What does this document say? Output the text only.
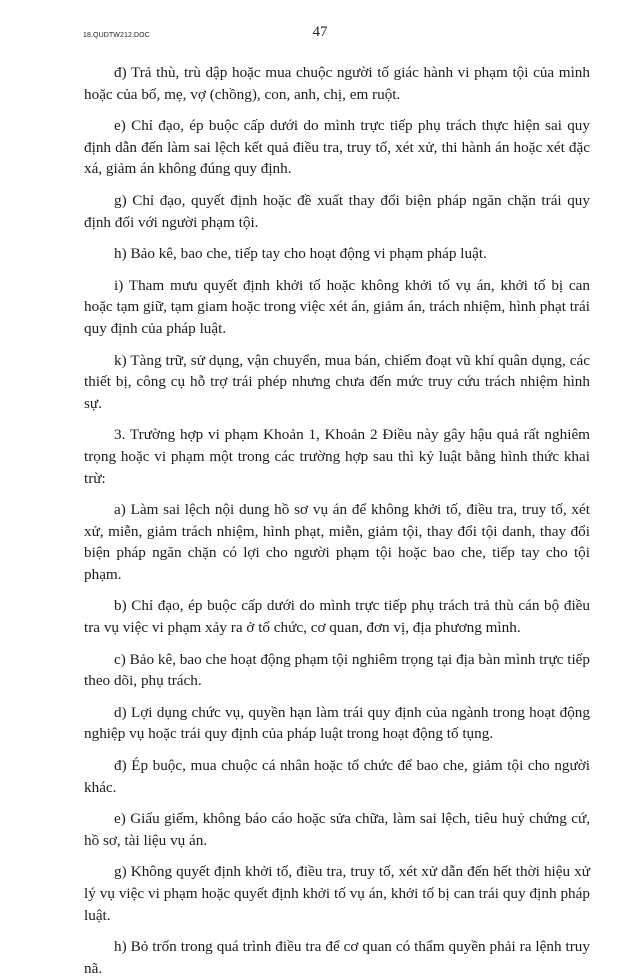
18.QUDTW212.DOC	47

đ) Trả thù, trù dập hoặc mua chuộc người tố giác hành vi phạm tội của mình hoặc của bố, mẹ, vợ (chồng), con, anh, chị, em ruột.

e) Chỉ đạo, ép buộc cấp dưới do mình trực tiếp phụ trách thực hiện sai quy định dẫn đến làm sai lệch kết quả điều tra, truy tố, xét xử, thi hành án hoặc xét đặc xá, giảm án không đúng quy định.

g) Chỉ đạo, quyết định hoặc đề xuất thay đổi biện pháp ngăn chặn trái quy định đối với người phạm tội.

h) Bảo kê, bao che, tiếp tay cho hoạt động vi phạm pháp luật.

i) Tham mưu quyết định khởi tố hoặc không khởi tố vụ án, khởi tố bị can hoặc tạm giữ, tạm giam hoặc trong việc xét án, giảm án, trách nhiệm, hình phạt trái quy định của pháp luật.

k) Tàng trữ, sử dụng, vận chuyển, mua bán, chiếm đoạt vũ khí quân dụng, các thiết bị, công cụ hỗ trợ trái phép nhưng chưa đến mức truy cứu trách nhiệm hình sự.

3. Trường hợp vi phạm Khoản 1, Khoản 2 Điều này gây hậu quả rất nghiêm trọng hoặc vi phạm một trong các trường hợp sau thì kỷ luật bằng hình thức khai trừ:

a) Làm sai lệch nội dung hồ sơ vụ án để không khởi tố, điều tra, truy tố, xét xử, miễn, giảm trách nhiệm, hình phạt, miễn, giảm tội, thay đổi tội danh, thay đổi biện pháp ngăn chặn có lợi cho người phạm tội hoặc bao che, tiếp tay cho tội phạm.

b) Chỉ đạo, ép buộc cấp dưới do mình trực tiếp phụ trách trả thù cán bộ điều tra vụ việc vi phạm xảy ra ở tổ chức, cơ quan, đơn vị, địa phương mình.

c) Bảo kê, bao che hoạt động phạm tội nghiêm trọng tại địa bàn mình trực tiếp theo dõi, phụ trách.

d) Lợi dụng chức vụ, quyền hạn làm trái quy định của ngành trong hoạt động nghiệp vụ hoặc trái quy định của pháp luật trong hoạt động tố tụng.

đ) Ép buộc, mua chuộc cá nhân hoặc tổ chức để bao che, giảm tội cho người khác.

e) Giấu giếm, không báo cáo hoặc sửa chữa, làm sai lệch, tiêu huỷ chứng cứ, hồ sơ, tài liệu vụ án.

g) Không quyết định khởi tố, điều tra, truy tố, xét xử dẫn đến hết thời hiệu xử lý vụ việc vi phạm hoặc quyết định khởi tố vụ án, khởi tố bị can trái quy định pháp luật.

h) Bỏ trốn trong quá trình điều tra để cơ quan có thẩm quyền phải ra lệnh truy nã.
